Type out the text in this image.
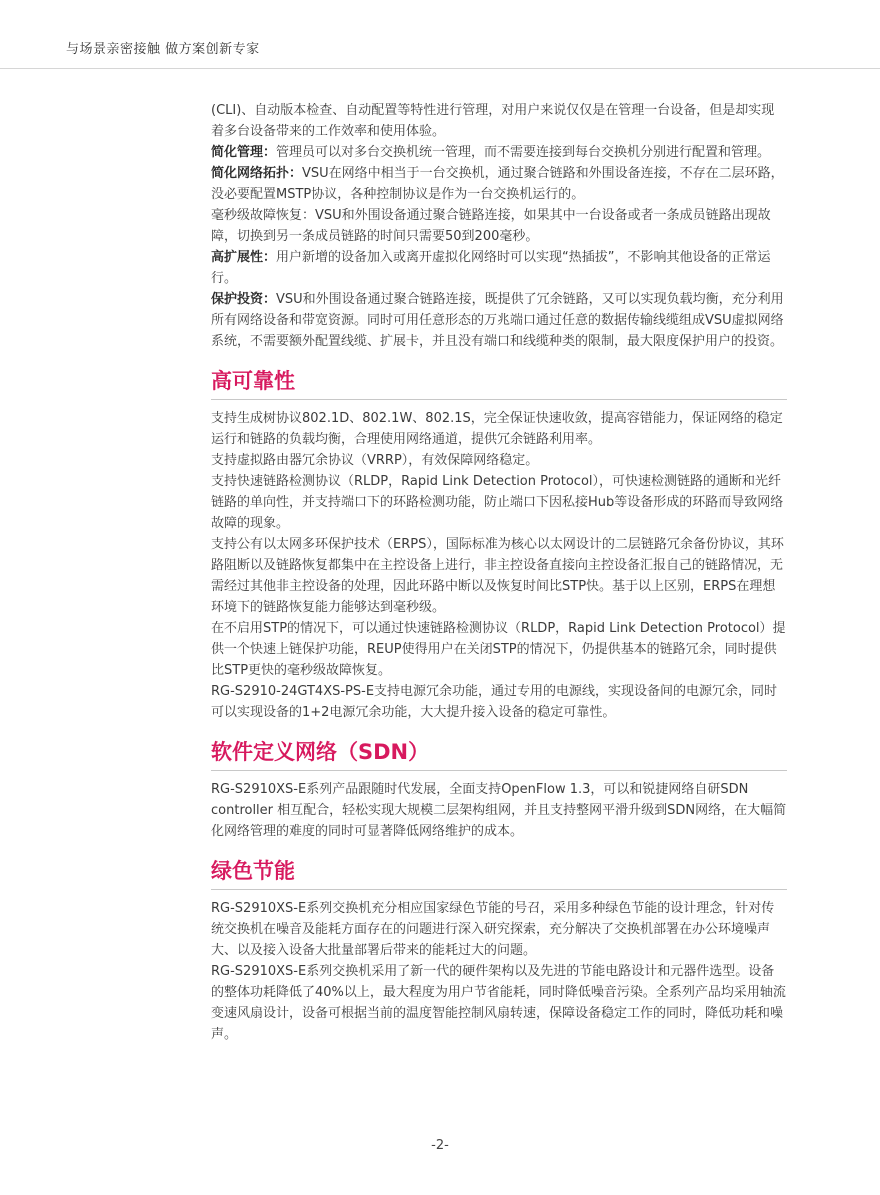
与场景亲密接触 做方案创新专家

(CLI)、自动版本检查、自动配置等特性进行管理，对用户来说仅仅是在管理一台设备，但是却实现着多台设备带来的工作效率和使用体验。

简化管理：管理员可以对多台交换机统一管理，而不需要连接到每台交换机分别进行配置和管理。

简化网络拓扑：VSU在网络中相当于一台交换机，通过聚合链路和外围设备连接，不存在二层环路，没必要配置MSTP协议，各种控制协议是作为一台交换机运行的。

毫秒级故障恢复：VSU和外围设备通过聚合链路连接，如果其中一台设备或者一条成员链路出现故障，切换到另一条成员链路的时间只需要50到200毫秒。

高扩展性：用户新增的设备加入或离开虚拟化网络时可以实现“热插拔”，不影响其他设备的正常运行。

保护投资：VSU和外围设备通过聚合链路连接，既提供了冗余链路，又可以实现负载均衡，充分利用所有网络设备和带宽资源。同时可用任意形态的万兆端口通过任意的数据传输线缆组成VSU虚拟网络系统，不需要额外配置线缆、扩展卡，并且没有端口和线缆种类的限制，最大限度保护用户的投资。

高可靠性

支持生成树协议802.1D、802.1W、802.1S，完全保证快速收敛，提高容错能力，保证网络的稳定运行和链路的负载均衡，合理使用网络通道，提供冗余链路利用率。

支持虚拟路由器冗余协议（VRRP），有效保障网络稳定。

支持快速链路检测协议（RLDP，Rapid Link Detection Protocol），可快速检测链路的通断和光纤链路的单向性，并支持端口下的环路检测功能，防止端口下因私接Hub等设备形成的环路而导致网络故障的现象。

支持公有以太网多环保护技术（ERPS），国际标准为核心以太网设计的二层链路冗余备份协议，其环路阻断以及链路恢复都集中在主控设备上进行，非主控设备直接向主控设备汇报自己的链路情况，无需经过其他非主控设备的处理，因此环路中断以及恢复时间比STP快。基于以上区别，ERPS在理想环境下的链路恢复能力能够达到毫秒级。

在不启用STP的情况下，可以通过快速链路检测协议（RLDP，Rapid Link Detection Protocol）提供一个快速上链保护功能，REUP使得用户在关闭STP的情况下，仍提供基本的链路冗余，同时提供比STP更快的毫秒级故障恢复。

RG-S2910-24GT4XS-PS-E支持电源冗余功能，通过专用的电源线，实现设备间的电源冗余，同时可以实现设备的1+2电源冗余功能，大大提升接入设备的稳定可靠性。

软件定义网络（SDN）

RG-S2910XS-E系列产品跟随时代发展，全面支持OpenFlow 1.3，可以和锐捷网络自研SDN controller 相互配合，轻松实现大规模二层架构组网，并且支持整网平滑升级到SDN网络，在大幅简化网络管理的难度的同时可显著降低网络维护的成本。

绿色节能

RG-S2910XS-E系列交换机充分相应国家绿色节能的号召，采用多种绿色节能的设计理念，针对传统交换机在噪音及能耗方面存在的问题进行深入研究探索，充分解决了交换机部署在办公环境噪声大、以及接入设备大批量部署后带来的能耗过大的问题。

RG-S2910XS-E系列交换机采用了新一代的硬件架构以及先进的节能电路设计和元器件选型。设备的整体功耗降低了40%以上，最大程度为用户节省能耗，同时降低噪音污染。全系列产品均采用轴流变速风扇设计，设备可根据当前的温度智能控制风扇转速，保障设备稳定工作的同时，降低功耗和噪声。

-2-
